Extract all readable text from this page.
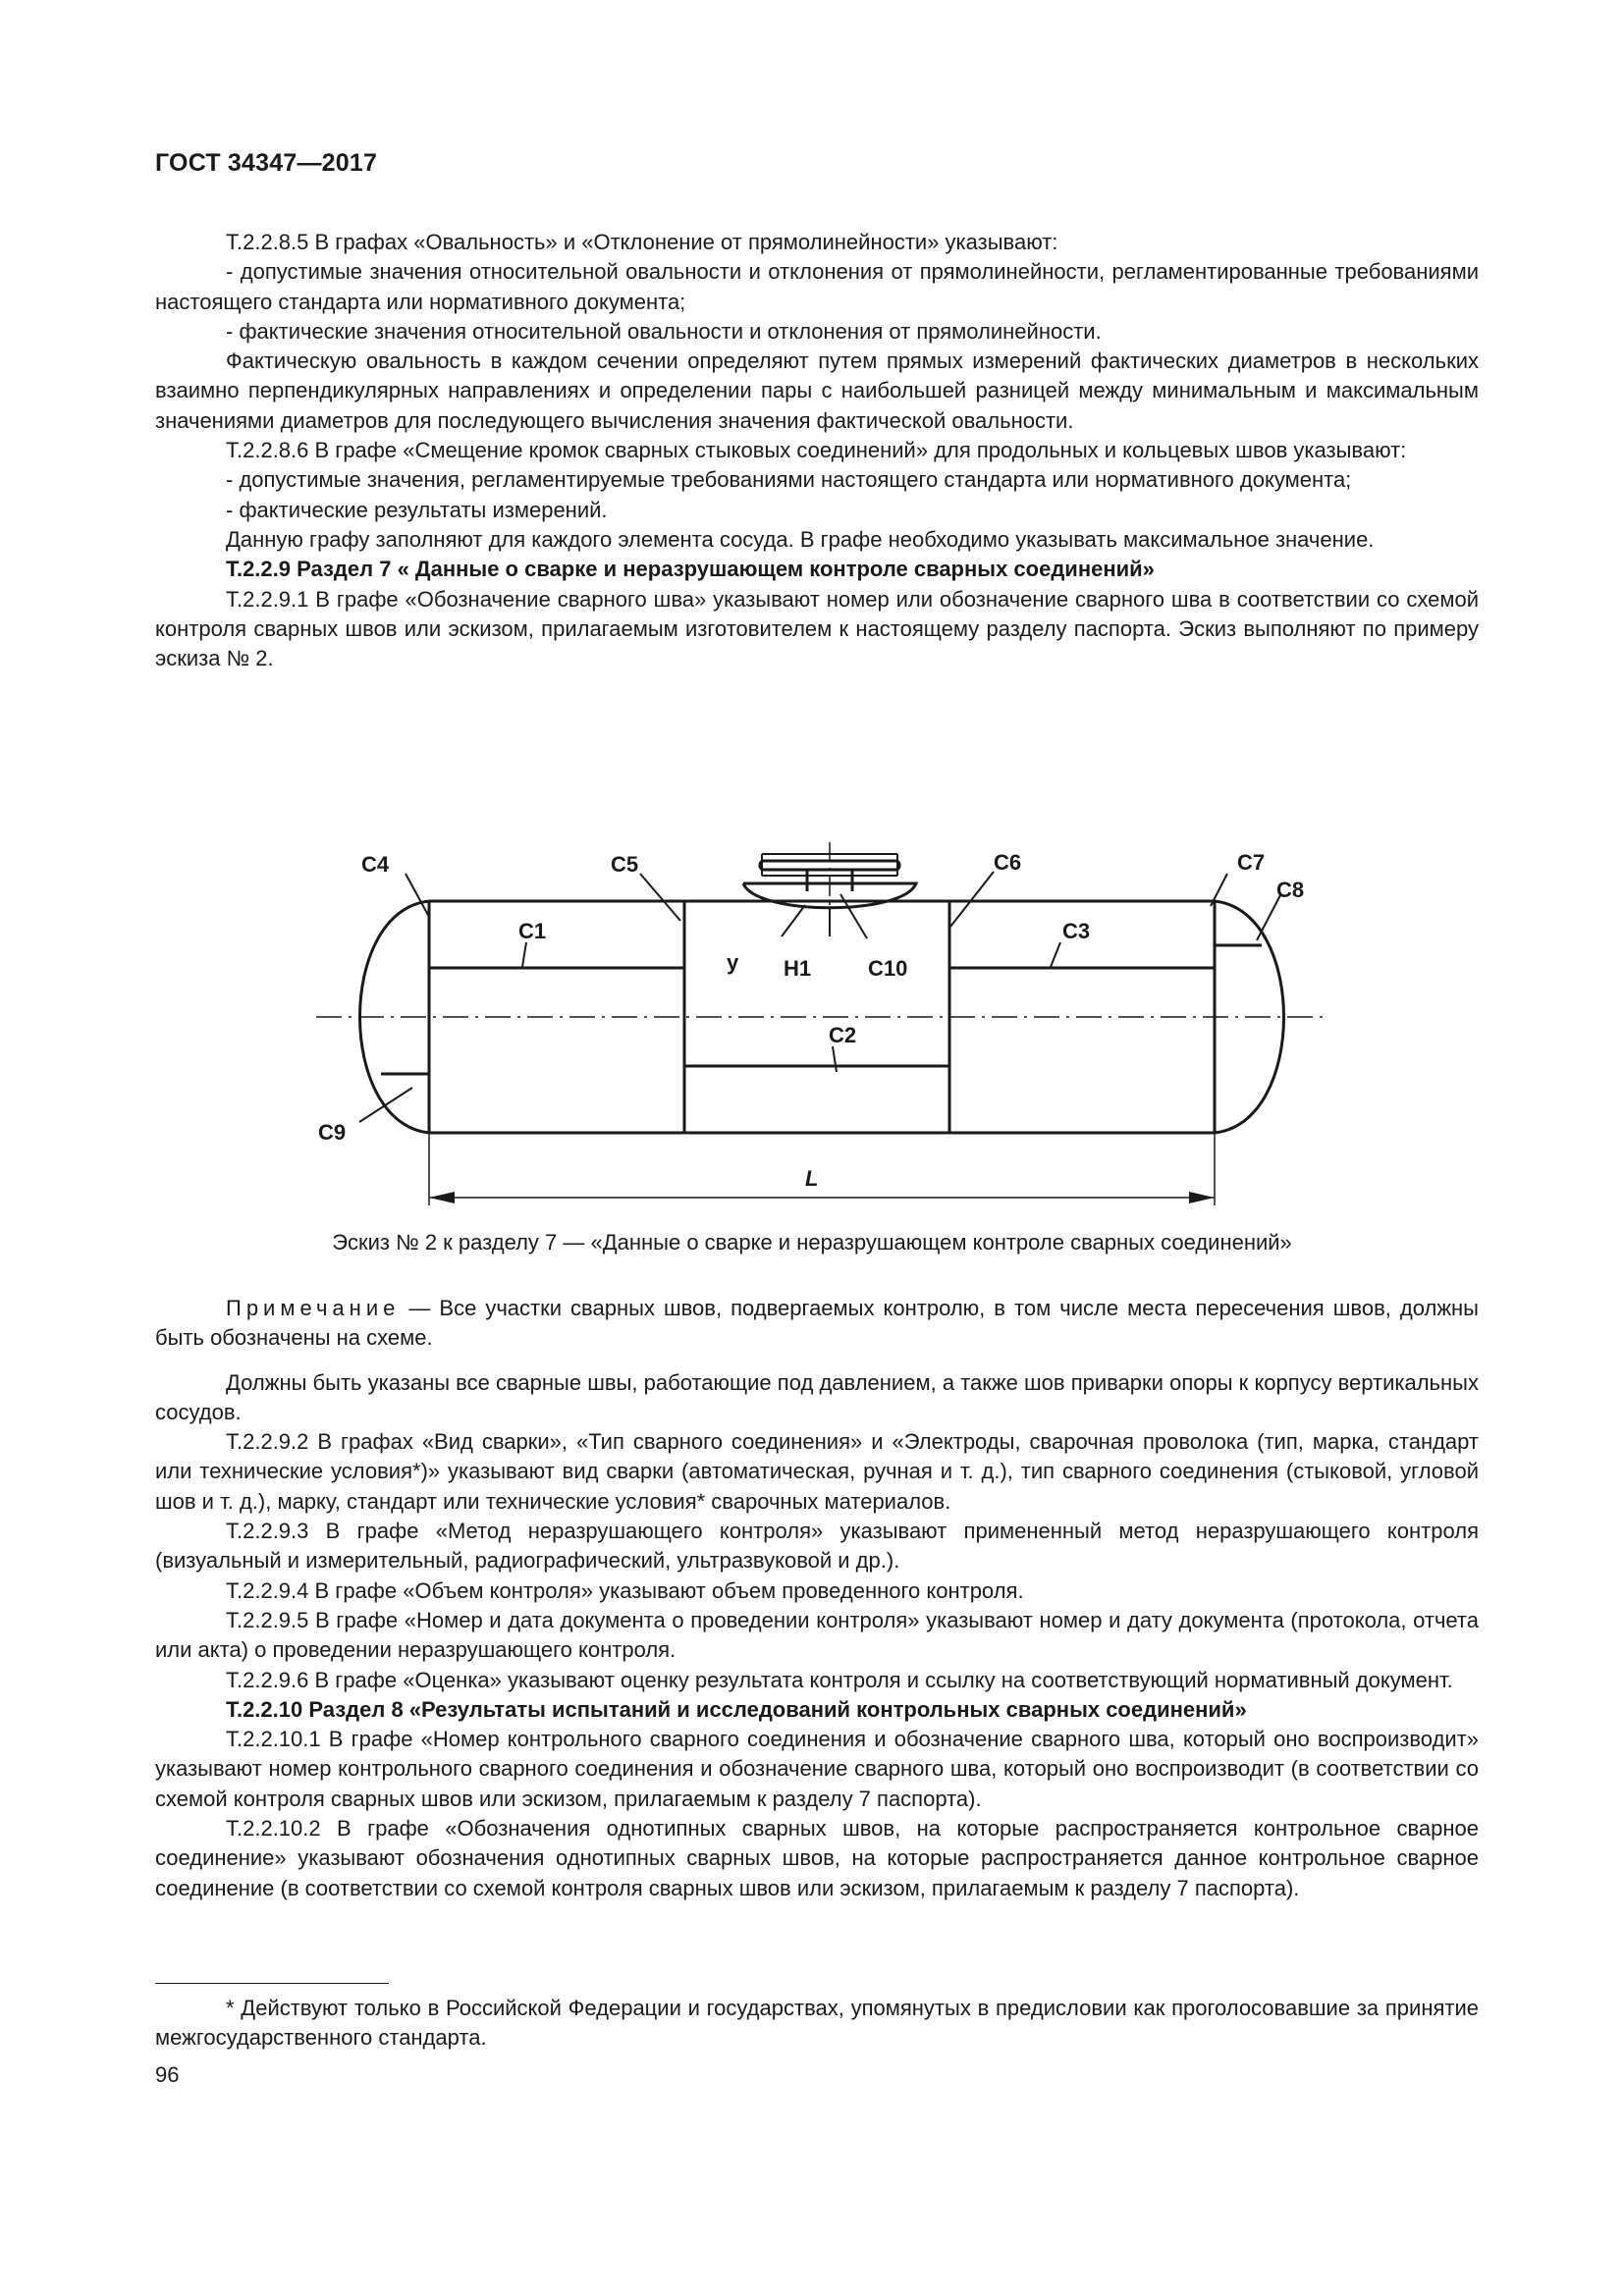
ГОСТ 34347—2017

Т.2.2.8.5 В графах «Овальность» и «Отклонение от прямолинейности» указывают:

- допустимые значения относительной овальности и отклонения от прямолинейности, регламентированные требованиями настоящего стандарта или нормативного документа;

- фактические значения относительной овальности и отклонения от прямолинейности.

Фактическую овальность в каждом сечении определяют путем прямых измерений фактических диаметров в нескольких взаимно перпендикулярных направлениях и определении пары с наибольшей разницей между минимальным и максимальным значениями диаметров для последующего вычисления значения фактической овальности.

Т.2.2.8.6 В графе «Смещение кромок сварных стыковых соединений» для продольных и кольцевых швов указывают:

- допустимые значения, регламентируемые требованиями настоящего стандарта или нормативного документа;

- фактические результаты измерений.

Данную графу заполняют для каждого элемента сосуда. В графе необходимо указывать максимальное значение.

Т.2.2.9 Раздел 7 « Данные о сварке и неразрушающем контроле сварных соединений»

Т.2.2.9.1 В графе «Обозначение сварного шва» указывают номер или обозначение сварного шва в соответствии со схемой контроля сварных швов или эскизом, прилагаемым изготовителем к настоящему разделу паспорта. Эскиз выполняют по примеру эскиза № 2.

С4	С5	С6	С7
С8
С1	С3
С2
С9
у Н1	С10
L
Эскиз № 2 к разделу 7 — «Данные о сварке и неразрушающем контроле сварных соединений»

Примечание — Все участки сварных швов, подвергаемых контролю, в том числе места пересечения швов, должны быть обозначены на схеме.

Должны быть указаны все сварные швы, работающие под давлением, а также шов приварки опоры к корпусу вертикальных сосудов.

Т.2.2.9.2 В графах «Вид сварки», «Тип сварного соединения» и «Электроды, сварочная проволока (тип, марка, стандарт или технические условия*)» указывают вид сварки (автоматическая, ручная и т. д.), тип сварного соединения (стыковой, угловой шов и т. д.), марку, стандарт или технические условия* сварочных материалов.

Т.2.2.9.3 В графе «Метод неразрушающего контроля» указывают примененный метод неразрушающего контроля (визуальный и измерительный, радиографический, ультразвуковой и др.).

Т.2.2.9.4 В графе «Объем контроля» указывают объем проведенного контроля.

Т.2.2.9.5 В графе «Номер и дата документа о проведении контроля» указывают номер и дату документа (протокола, отчета или акта) о проведении неразрушающего контроля.

Т.2.2.9.6 В графе «Оценка» указывают оценку результата контроля и ссылку на соответствующий нормативный документ.

Т.2.2.10 Раздел 8 «Результаты испытаний и исследований контрольных сварных соединений»

Т.2.2.10.1 В графе «Номер контрольного сварного соединения и обозначение сварного шва, который оно воспроизводит» указывают номер контрольного сварного соединения и обозначение сварного шва, который оно воспроизводит (в соответствии со схемой контроля сварных швов или эскизом, прилагаемым к разделу 7 паспорта).

Т.2.2.10.2 В графе «Обозначения однотипных сварных швов, на которые распространяется контрольное сварное соединение» указывают обозначения однотипных сварных швов, на которые распространяется данное контрольное сварное соединение (в соответствии со схемой контроля сварных швов или эскизом, прилагаемым к разделу 7 паспорта).

* Действуют только в Российской Федерации и государствах, упомянутых в предисловии как проголосовавшие за принятие межгосударственного стандарта.

96
